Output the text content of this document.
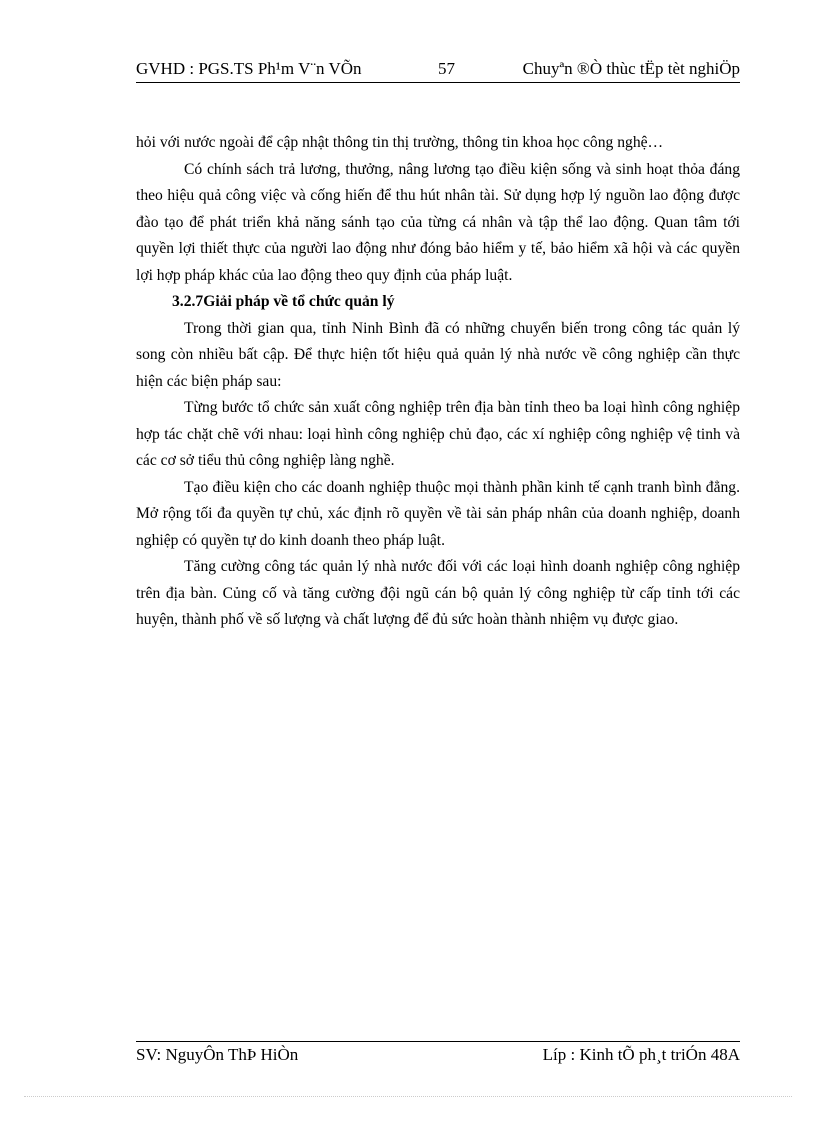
GVHD : PGS.TS Ph¹m V¨n VÕn	57	Chuyªn ®Ò thùc tËp tèt nghiÖp

hỏi với nước ngoài để cập nhật thông tin thị trường, thông tin khoa học công nghệ…

Có chính sách trả lương, thưởng, nâng lương tạo điều kiện sống và sinh hoạt thỏa đáng theo hiệu quả công việc và cống hiến để thu hút nhân tài. Sử dụng hợp lý nguồn lao động được đào tạo để phát triển khả năng sánh tạo của từng cá nhân và tập thể lao động. Quan tâm tới quyền lợi thiết thực của người lao động như đóng bảo hiểm y tế, bảo hiểm xã hội và các quyền lợi hợp pháp khác của lao động theo quy định của pháp luật.

3.2.7Giải pháp về tổ chức quản lý

Trong thời gian qua, tỉnh Ninh Bình đã có những chuyển biến trong công tác quản lý song còn nhiều bất cập. Để thực hiện tốt hiệu quả quản lý nhà nước về công nghiệp cần thực hiện các biện pháp sau:

Từng bước tổ chức sản xuất công nghiệp trên địa bàn tỉnh theo ba loại hình công nghiệp hợp tác chặt chẽ với nhau: loại hình công nghiệp chủ đạo, các xí nghiệp công nghiệp vệ tinh và các cơ sở tiểu thủ công nghiệp làng nghề.

Tạo điều kiện cho các doanh nghiệp thuộc mọi thành phần kinh tế cạnh tranh bình đẳng. Mở rộng tối đa quyền tự chủ, xác định rõ quyền về tài sản pháp nhân của doanh nghiệp, doanh nghiệp có quyền tự do kinh doanh theo pháp luật.

Tăng cường công tác quản lý nhà nước đối với các loại hình doanh nghiệp công nghiệp trên địa bàn. Củng cố và tăng cường đội ngũ cán bộ quản lý công nghiệp từ cấp tỉnh tới các huyện, thành phố về số lượng và chất lượng để đủ sức hoàn thành nhiệm vụ được giao.

SV: NguyÔn ThÞ HiÒn	Líp : Kinh tÕ ph¸t triÓn 48A
